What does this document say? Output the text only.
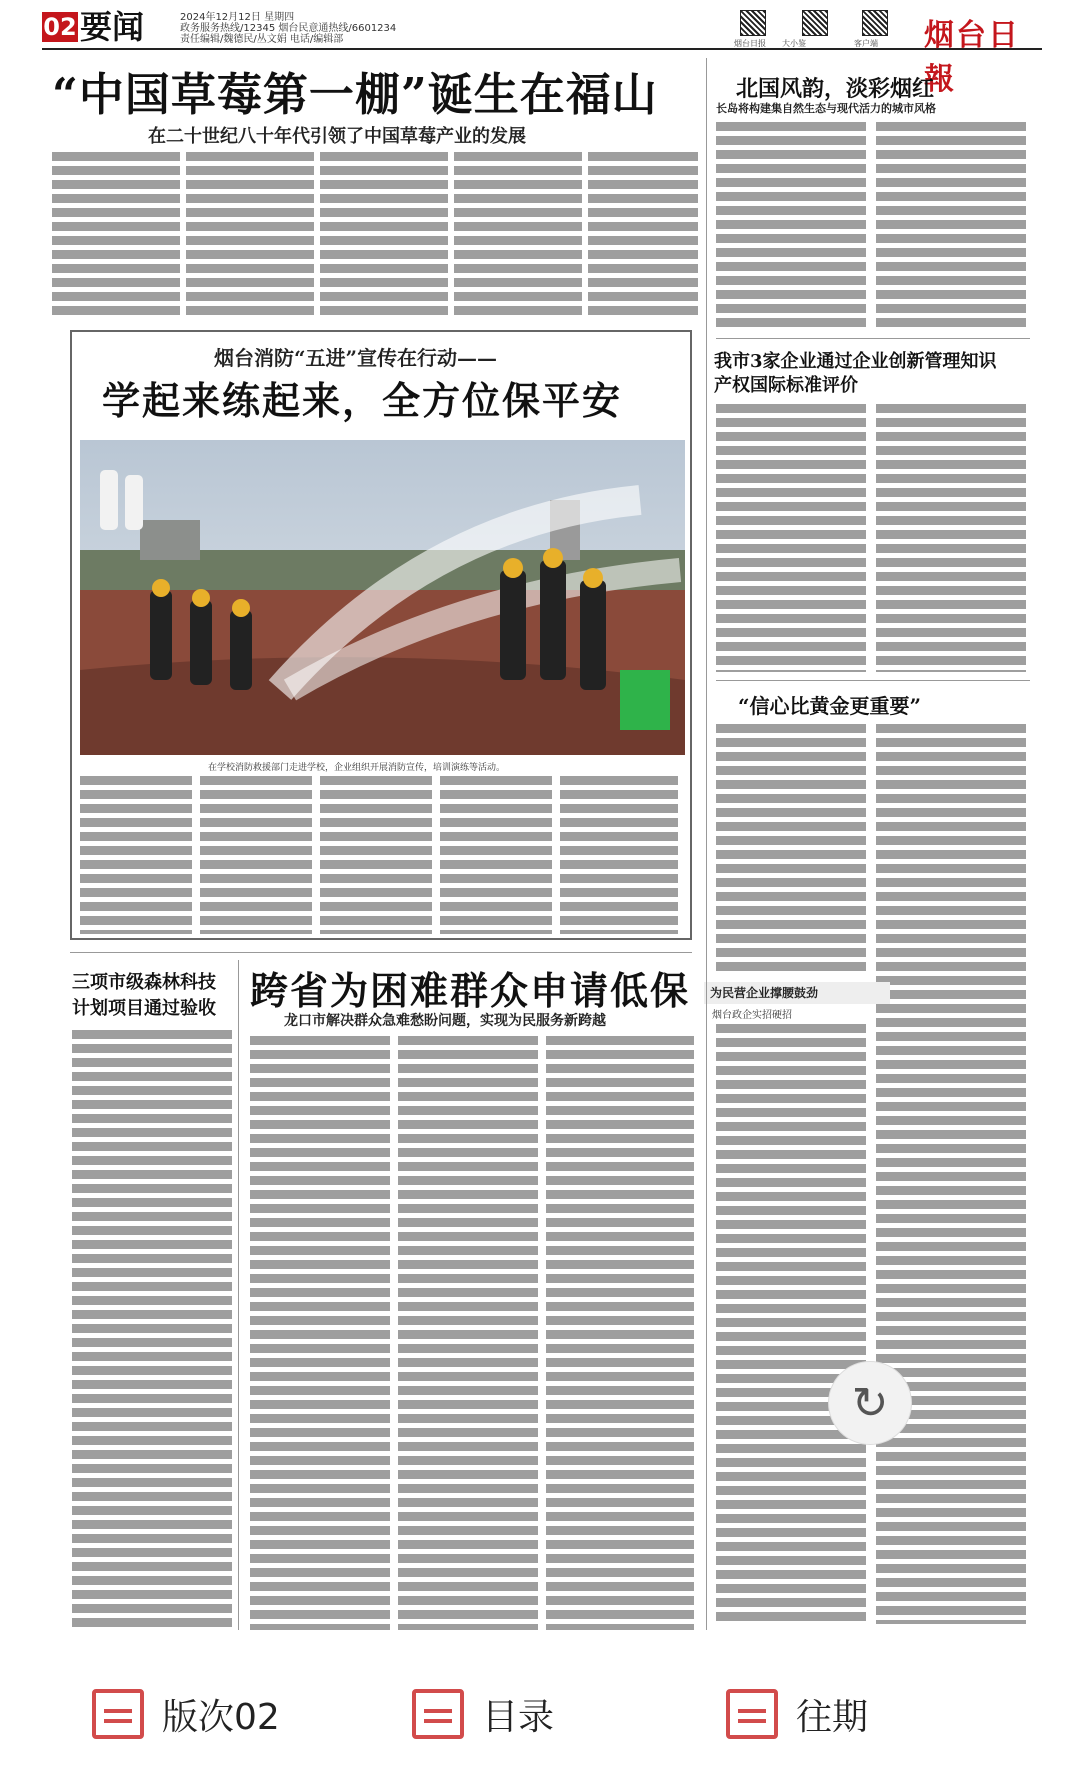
02 要闻	2024年12月12日 星期四
政务服务热线/12345 烟台民意通热线/6601234
责任编辑/魏德民/丛文娟 电话/编辑部	烟台日报 大小鉴	客户端 烟台日報
“中国草莓第一棚”诞生在福山
在二十世纪八十年代引领了中国草莓产业的发展
北国风韵，淡彩烟红
长岛将构建集自然生态与现代活力的城市风格
烟台消防“五进”宣传在行动——
学起来练起来，全方位保平安
在学校消防救援部门走进学校，企业组织开展消防宣传，培训演练等活动。
我市3家企业通过企业创新管理知识产权国际标准评价
“信心比黄金更重要”
为民营企业撑腰鼓劲
烟台政企实招硬招
三项市级森林科技计划项目通过验收 跨省为困难群众申请低保
龙口市解决群众急难愁盼问题，实现为民服务新跨越
↻
版次02	目录	往期
